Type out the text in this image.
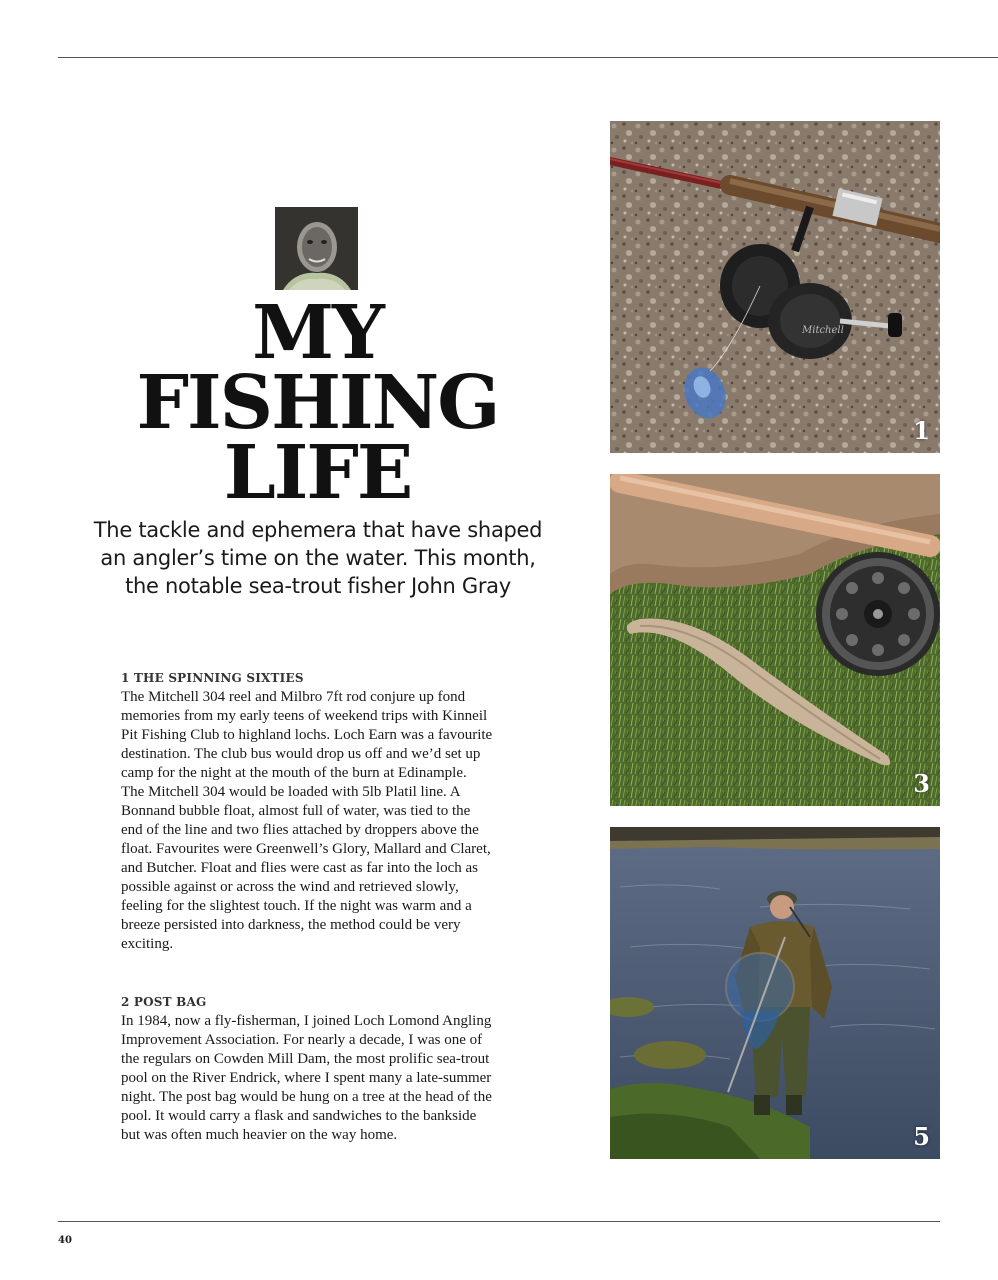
MY
FISHING
LIFE
The tackle and ephemera that have shaped an angler’s time on the water. This month, the notable sea-trout fisher John Gray
1 THE SPINNING SIXTIES

The Mitchell 304 reel and Milbro 7ft rod conjure up fond memories from my early teens of weekend trips with Kinneil Pit Fishing Club to highland lochs. Loch Earn was a favourite destination. The club bus would drop us off and we’d set up camp for the night at the mouth of the burn at Edinample. The Mitchell 304 would be loaded with 5lb Platil line. A Bonnand bubble float, almost full of water, was tied to the end of the line and two flies attached by droppers above the float. Favourites were Greenwell’s Glory, Mallard and Claret, and Butcher. Float and flies were cast as far into the loch as possible against or across the wind and retrieved slowly, feeling for the slightest touch. If the night was warm and a breeze persisted into darkness, the method could be very exciting.

2 POST BAG

In 1984, now a fly-fisherman, I joined Loch Lomond Angling Improvement Association. For nearly a decade, I was one of the regulars on Cowden Mill Dam, the most prolific sea-trout pool on the River Endrick, where I spent many a late-summer night. The post bag would be hung on a tree at the head of the pool. It would carry a flask and sandwiches to the bankside but was often much heavier on the way home.

Mitchell
1
3
5
40
